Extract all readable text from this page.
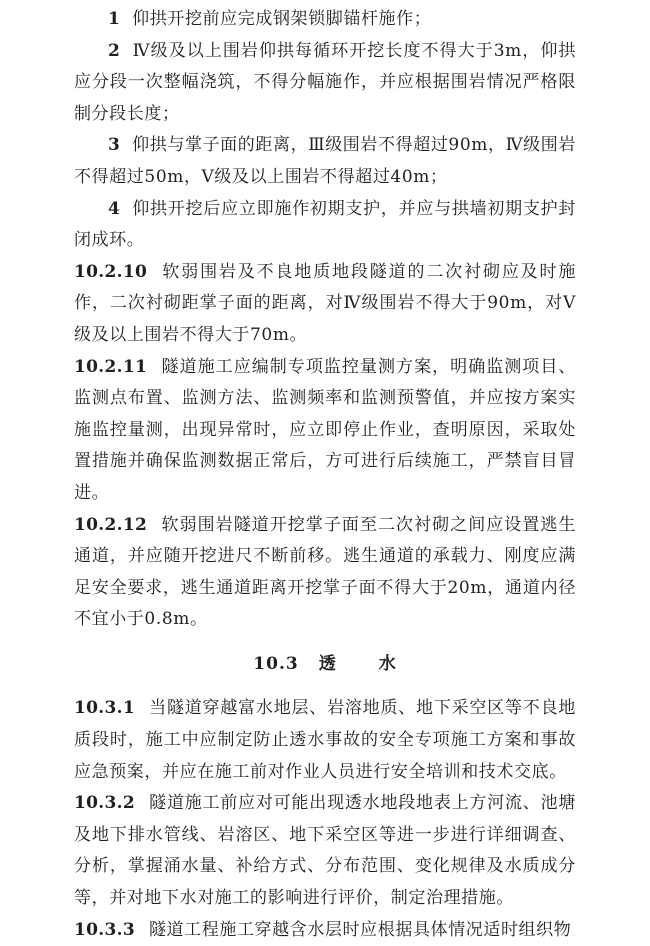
1 仰拱开挖前应完成钢架锁脚锚杆施作；

2 Ⅳ级及以上围岩仰拱每循环开挖长度不得大于3m，仰拱应分段一次整幅浇筑，不得分幅施作，并应根据围岩情况严格限制分段长度；

3 仰拱与掌子面的距离，Ⅲ级围岩不得超过90m，Ⅳ级围岩不得超过50m，Ⅴ级及以上围岩不得超过40m；

4 仰拱开挖后应立即施作初期支护，并应与拱墙初期支护封闭成环。

10.2.10 软弱围岩及不良地质地段隧道的二次衬砌应及时施作，二次衬砌距掌子面的距离，对Ⅳ级围岩不得大于90m，对Ⅴ级及以上围岩不得大于70m。

10.2.11 隧道施工应编制专项监控量测方案，明确监测项目、监测点布置、监测方法、监测频率和监测预警值，并应按方案实施监控量测，出现异常时，应立即停止作业，查明原因，采取处置措施并确保监测数据正常后，方可进行后续施工，严禁盲目冒进。

10.2.12 软弱围岩隧道开挖掌子面至二次衬砌之间应设置逃生通道，并应随开挖进尺不断前移。逃生通道的承载力、刚度应满足安全要求，逃生通道距离开挖掌子面不得大于20m，通道内径不宜小于0.8m。

10.3 透 水

10.3.1 当隧道穿越富水地层、岩溶地质、地下采空区等不良地质段时，施工中应制定防止透水事故的安全专项施工方案和事故应急预案，并应在施工前对作业人员进行安全培训和技术交底。

10.3.2 隧道施工前应对可能出现透水地段地表上方河流、池塘及地下排水管线、岩溶区、地下采空区等进一步进行详细调查、分析，掌握涌水量、补给方式、分布范围、变化规律及水质成分等，并对地下水对施工的影响进行评价，制定治理措施。

10.3.3 隧道工程施工穿越含水层时应根据具体情况适时组织物
